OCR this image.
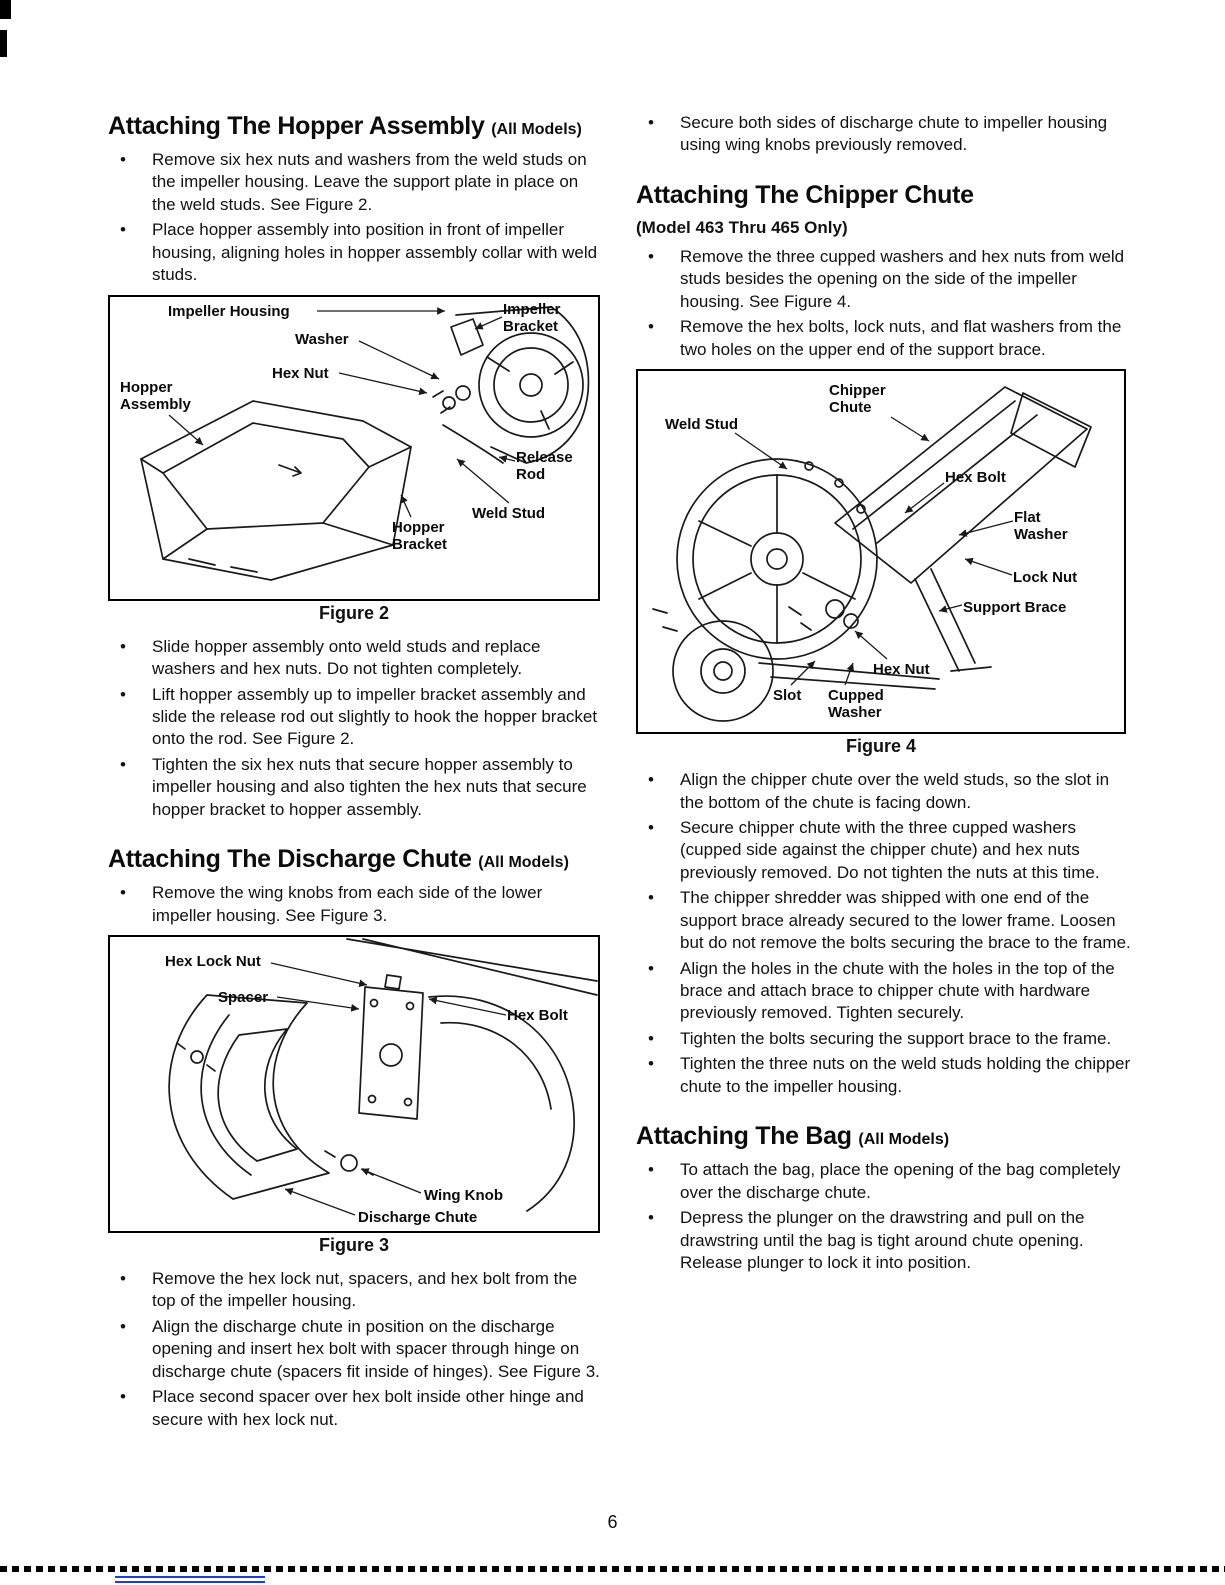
Attaching The Hopper Assembly (All Models)
• Remove six hex nuts and washers from the weld studs on the impeller housing. Leave the support plate in place on the weld studs. See Figure 2.
• Place hopper assembly into position in front of impeller housing, aligning holes in hopper assembly collar with weld studs.
Impeller Housing	Impeller Bracket
Washer
Hex Nut
Hopper Assembly
Release Rod
Weld Stud
Hopper Bracket
Figure 2
• Slide hopper assembly onto weld studs and replace washers and hex nuts. Do not tighten completely.
• Lift hopper assembly up to impeller bracket assembly and slide the release rod out slightly to hook the hopper bracket onto the rod. See Figure 2.
• Tighten the six hex nuts that secure hopper assembly to impeller housing and also tighten the hex nuts that secure hopper bracket to hopper assembly.
Attaching The Discharge Chute (All Models)
• Remove the wing knobs from each side of the lower impeller housing. See Figure 3.
Hex Lock Nut
Spacer
Hex Bolt
Wing Knob
Discharge Chute
Figure 3
• Remove the hex lock nut, spacers, and hex bolt from the top of the impeller housing.
• Align the discharge chute in position on the discharge opening and insert hex bolt with spacer through hinge on discharge chute (spacers fit inside of hinges). See Figure 3.
• Place second spacer over hex bolt inside other hinge and secure with hex lock nut.
• Secure both sides of discharge chute to impeller housing using wing knobs previously removed.
Attaching The Chipper Chute
(Model 463 Thru 465 Only)
• Remove the three cupped washers and hex nuts from weld studs besides the opening on the side of the impeller housing. See Figure 4.
• Remove the hex bolts, lock nuts, and flat washers from the two holes on the upper end of the support brace.
Chipper Chute
Weld Stud
Hex Bolt
Flat Washer
Lock Nut
Support Brace
Hex Nut
Slot Cupped Washer
Figure 4
• Align the chipper chute over the weld studs, so the slot in the bottom of the chute is facing down.
• Secure chipper chute with the three cupped washers (cupped side against the chipper chute) and hex nuts previously removed. Do not tighten the nuts at this time.
• The chipper shredder was shipped with one end of the support brace already secured to the lower frame. Loosen but do not remove the bolts securing the brace to the frame.
• Align the holes in the chute with the holes in the top of the brace and attach brace to chipper chute with hardware previously removed. Tighten securely.
• Tighten the bolts securing the support brace to the frame.
• Tighten the three nuts on the weld studs holding the chipper chute to the impeller housing.
Attaching The Bag (All Models)
• To attach the bag, place the opening of the bag completely over the discharge chute.
• Depress the plunger on the drawstring and pull on the drawstring until the bag is tight around chute opening. Release plunger to lock it into position.
6
